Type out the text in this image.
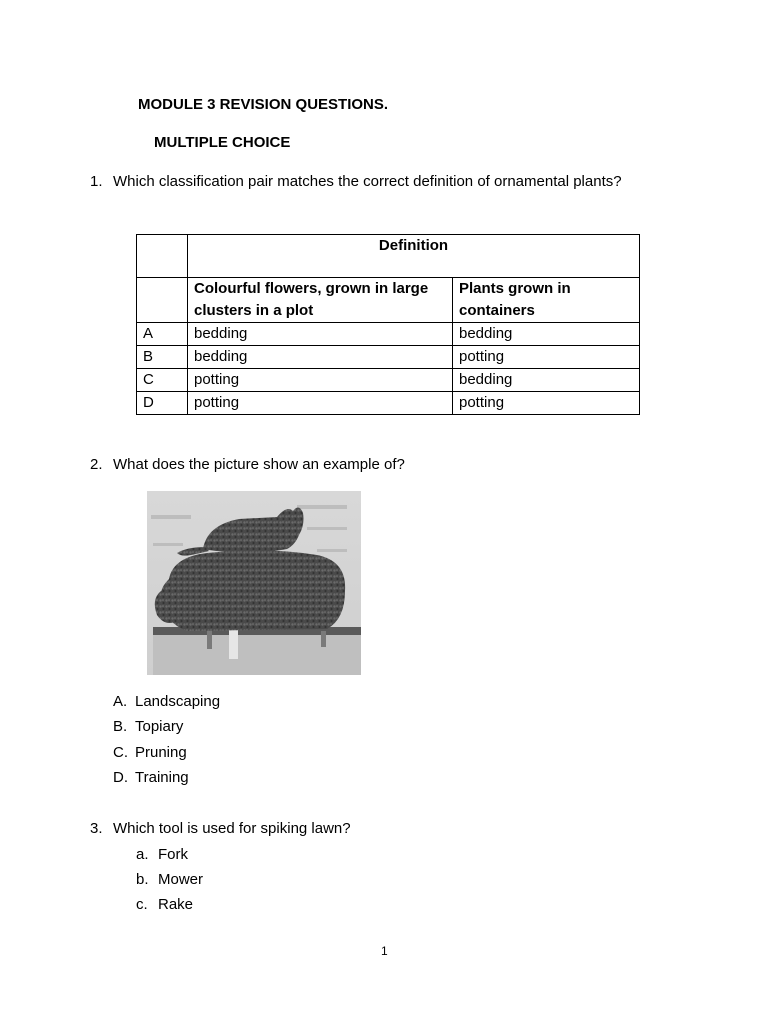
MODULE 3 REVISION QUESTIONS.
MULTIPLE CHOICE
1. Which classification pair matches the correct definition of ornamental plants?
	Definition	
	Colourful flowers, grown in large clusters in a plot	Plants grown in containers
A	bedding	bedding
B	bedding	potting
C	potting	bedding
D	potting	potting
2. What does the picture show an example of?
A. Landscaping
B. Topiary
C. Pruning
D. Training
3. Which tool is used for spiking lawn?
a. Fork
b. Mower
c. Rake
1
